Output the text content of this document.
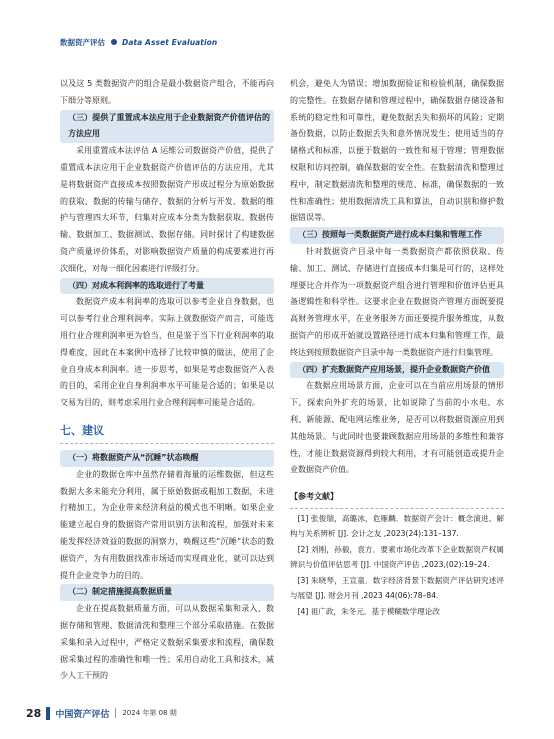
数据资产评估 Data Asset Evaluation

以及这 5 类数据资产的组合是最小数据资产组合，不能再向下细分等原则。

（三）提供了重置成本法应用于企业数据资产价值评估的方法应用

采用重置成本法评估 A 运维公司数据资产价值，提供了重置成本法应用于企业数据资产价值评估的方法应用，尤其是将数据资产直接成本按照数据资产形成过程分为原始数据的获取、数据的传输与储存、数据的分析与开发、数据的维护与管理四大环节，归集对应成本分类为数据获取、数据传输、数据加工、数据测试、数据存储。同时探讨了构建数据资产质量评价体系，对影响数据资产质量的构成要素进行再次细化，对每一细化因素进行评级打分。

（四）对成本利润率的选取进行了考量

数据资产成本利润率的选取可以参考企业自身数据，也可以参考行业合理利润率。实际上就数据资产而言，可能选用行业合理利润率更为恰当，但是鉴于当下行业利润率的取得难度，因此在本案例中选择了比较审慎的做法，使用了企业自身成本利润率。进一步思考，如果是考虑数据资产入表的目的，采用企业自身利润率水平可能是合适的；如果是以交易为目的，则考虑采用行业合理利润率可能是合适的。

七、建议

（一）将数据资产从“沉睡”状态唤醒

企业的数据仓库中虽然存储着海量的运维数据，但这些数据大多未能充分利用，属于原始数据或粗加工数据，未进行精加工，为企业带来经济利益的模式也不明晰。如果企业能建立起自身的数据资产常用识别方法和流程，加强对未来能发挥经济效益的数据的洞察力，唤醒这些“沉睡”状态的数据资产，为有用数据找准市场适而实现商业化，就可以达到提升企业竞争力的目的。

（二）制定措施提高数据质量

企业在提高数据质量方面，可以从数据采集和录入、数据存储和管理、数据清洗和整理三个部分采取措施。在数据采集和录入过程中，严格定义数据采集要求和流程，确保数据采集过程的准确性和唯一性；采用自动化工具和技术，减少人工干预的

机会，避免人为错误；增加数据验证和检验机制，确保数据的完整性。在数据存储和管理过程中，确保数据存储设备和系统的稳定性和可靠性，避免数据丢失和损坏的风险；定期备份数据，以防止数据丢失和意外情况发生；使用适当的存储格式和标准，以便于数据的一致性和易于管理；管理数据权限和访问控制，确保数据的安全性。在数据清洗和整理过程中，制定数据清洗和整理的规范、标准，确保数据的一致性和准确性；使用数据清洗工具和算法，自动识别和修护数据错误等。

（三）按照每一类数据资产进行成本归集和管理工作

针对数据资产目录中每一类数据资产都依照获取、传输、加工、测试、存储进行直接成本归集是可行的，这样处理要比合并作为一项数据资产组合进行管理和价值评估更具备逻辑性和科学性。这要求企业在数据资产管理方面既要提高财务管理水平，在业务服务方面还要提升服务维度，从数据资产的形成开始就设置路径进行成本归集和管理工作，最终达到按照数据资产目录中每一类数据资产进行归集管理。

（四）扩充数据资产应用场景，提升企业数据资产价值

在数据应用场景方面，企业可以在当前应用场景的情形下，探索向外扩充的场景，比如说除了当前的小水电、水利、新能源、配电网运维业务，是否可以将数据资源应用到其他场景。与此同时也要兼顾数据应用场景的多维性和兼容性，才能让数据资源得到较大利用，才有可能创造或提升企业数据资产价值。

【参考文献】

[1] 张俊瑞，高璐冰，危雁麟．数据资产会计：概念演进、解构与关系辨析 [J]. 会计之友 ,2023(24):131–137.

[2] 刘刚，孙毅，袁方．要素市场化改革下企业数据资产权属辨识与价值评估思考 [J]. 中国资产评估 ,2023,(02):19–24.

[3] 朱晓琴，王宣童．数字经济背景下数据资产评估研究述评与展望 [J]. 财会月刊 ,2023 44(06):78–84.

[4] 祖广政，朱冬元．基于模糊数学理论改

28 中国资产评估 2024 年第 08 期
